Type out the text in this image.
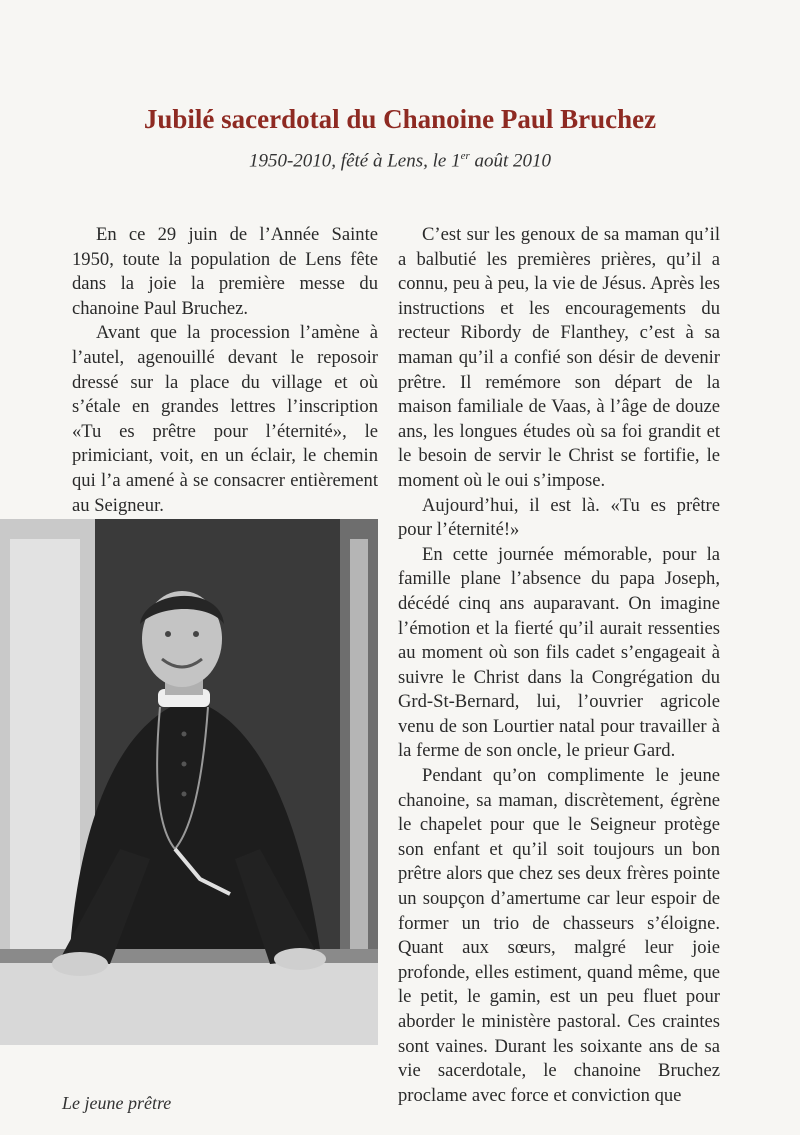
Jubilé sacerdotal du Chanoine Paul Bruchez
1950-2010, fêté à Lens, le 1er août 2010

En ce 29 juin de l’Année Sainte 1950, toute la population de Lens fête dans la joie la première messe du chanoine Paul Bruchez.

Avant que la procession l’amène à l’autel, agenouillé devant le reposoir dressé sur la place du village et où s’étale en grandes lettres l’inscription «Tu es prêtre pour l’éternité», le primiciant, voit, en un éclair, le chemin qui l’a amené à se consacrer entièrement au Seigneur.

Le jeune prêtre

C’est sur les genoux de sa maman qu’il a balbutié les premières prières, qu’il a connu, peu à peu, la vie de Jésus. Après les instructions et les encouragements du recteur Ribordy de Flanthey, c’est à sa maman qu’il a confié son désir de devenir prêtre. Il remémore son départ de la maison familiale de Vaas, à l’âge de douze ans, les longues études où sa foi grandit et le besoin de servir le Christ se fortifie, le moment où le oui s’impose.

Aujourd’hui, il est là. «Tu es prêtre pour l’éternité!»

En cette journée mémorable, pour la famille plane l’absence du papa Joseph, décédé cinq ans auparavant. On imagine l’émotion et la fierté qu’il aurait ressenties au moment où son fils cadet s’engageait à suivre le Christ dans la Congrégation du Grd-St-Bernard, lui, l’ouvrier agricole venu de son Lourtier natal pour travailler à la ferme de son oncle, le prieur Gard.

Pendant qu’on complimente le jeune chanoine, sa maman, discrètement, égrène le chapelet pour que le Seigneur protège son enfant et qu’il soit toujours un bon prêtre alors que chez ses deux frères pointe un soupçon d’amertume car leur espoir de former un trio de chasseurs s’éloigne. Quant aux sœurs, malgré leur joie profonde, elles estiment, quand même, que le petit, le gamin, est un peu fluet pour aborder le ministère pastoral. Ces craintes sont vaines. Durant les soixante ans de sa vie sacerdotale, le chanoine Bruchez proclame avec force et conviction que
